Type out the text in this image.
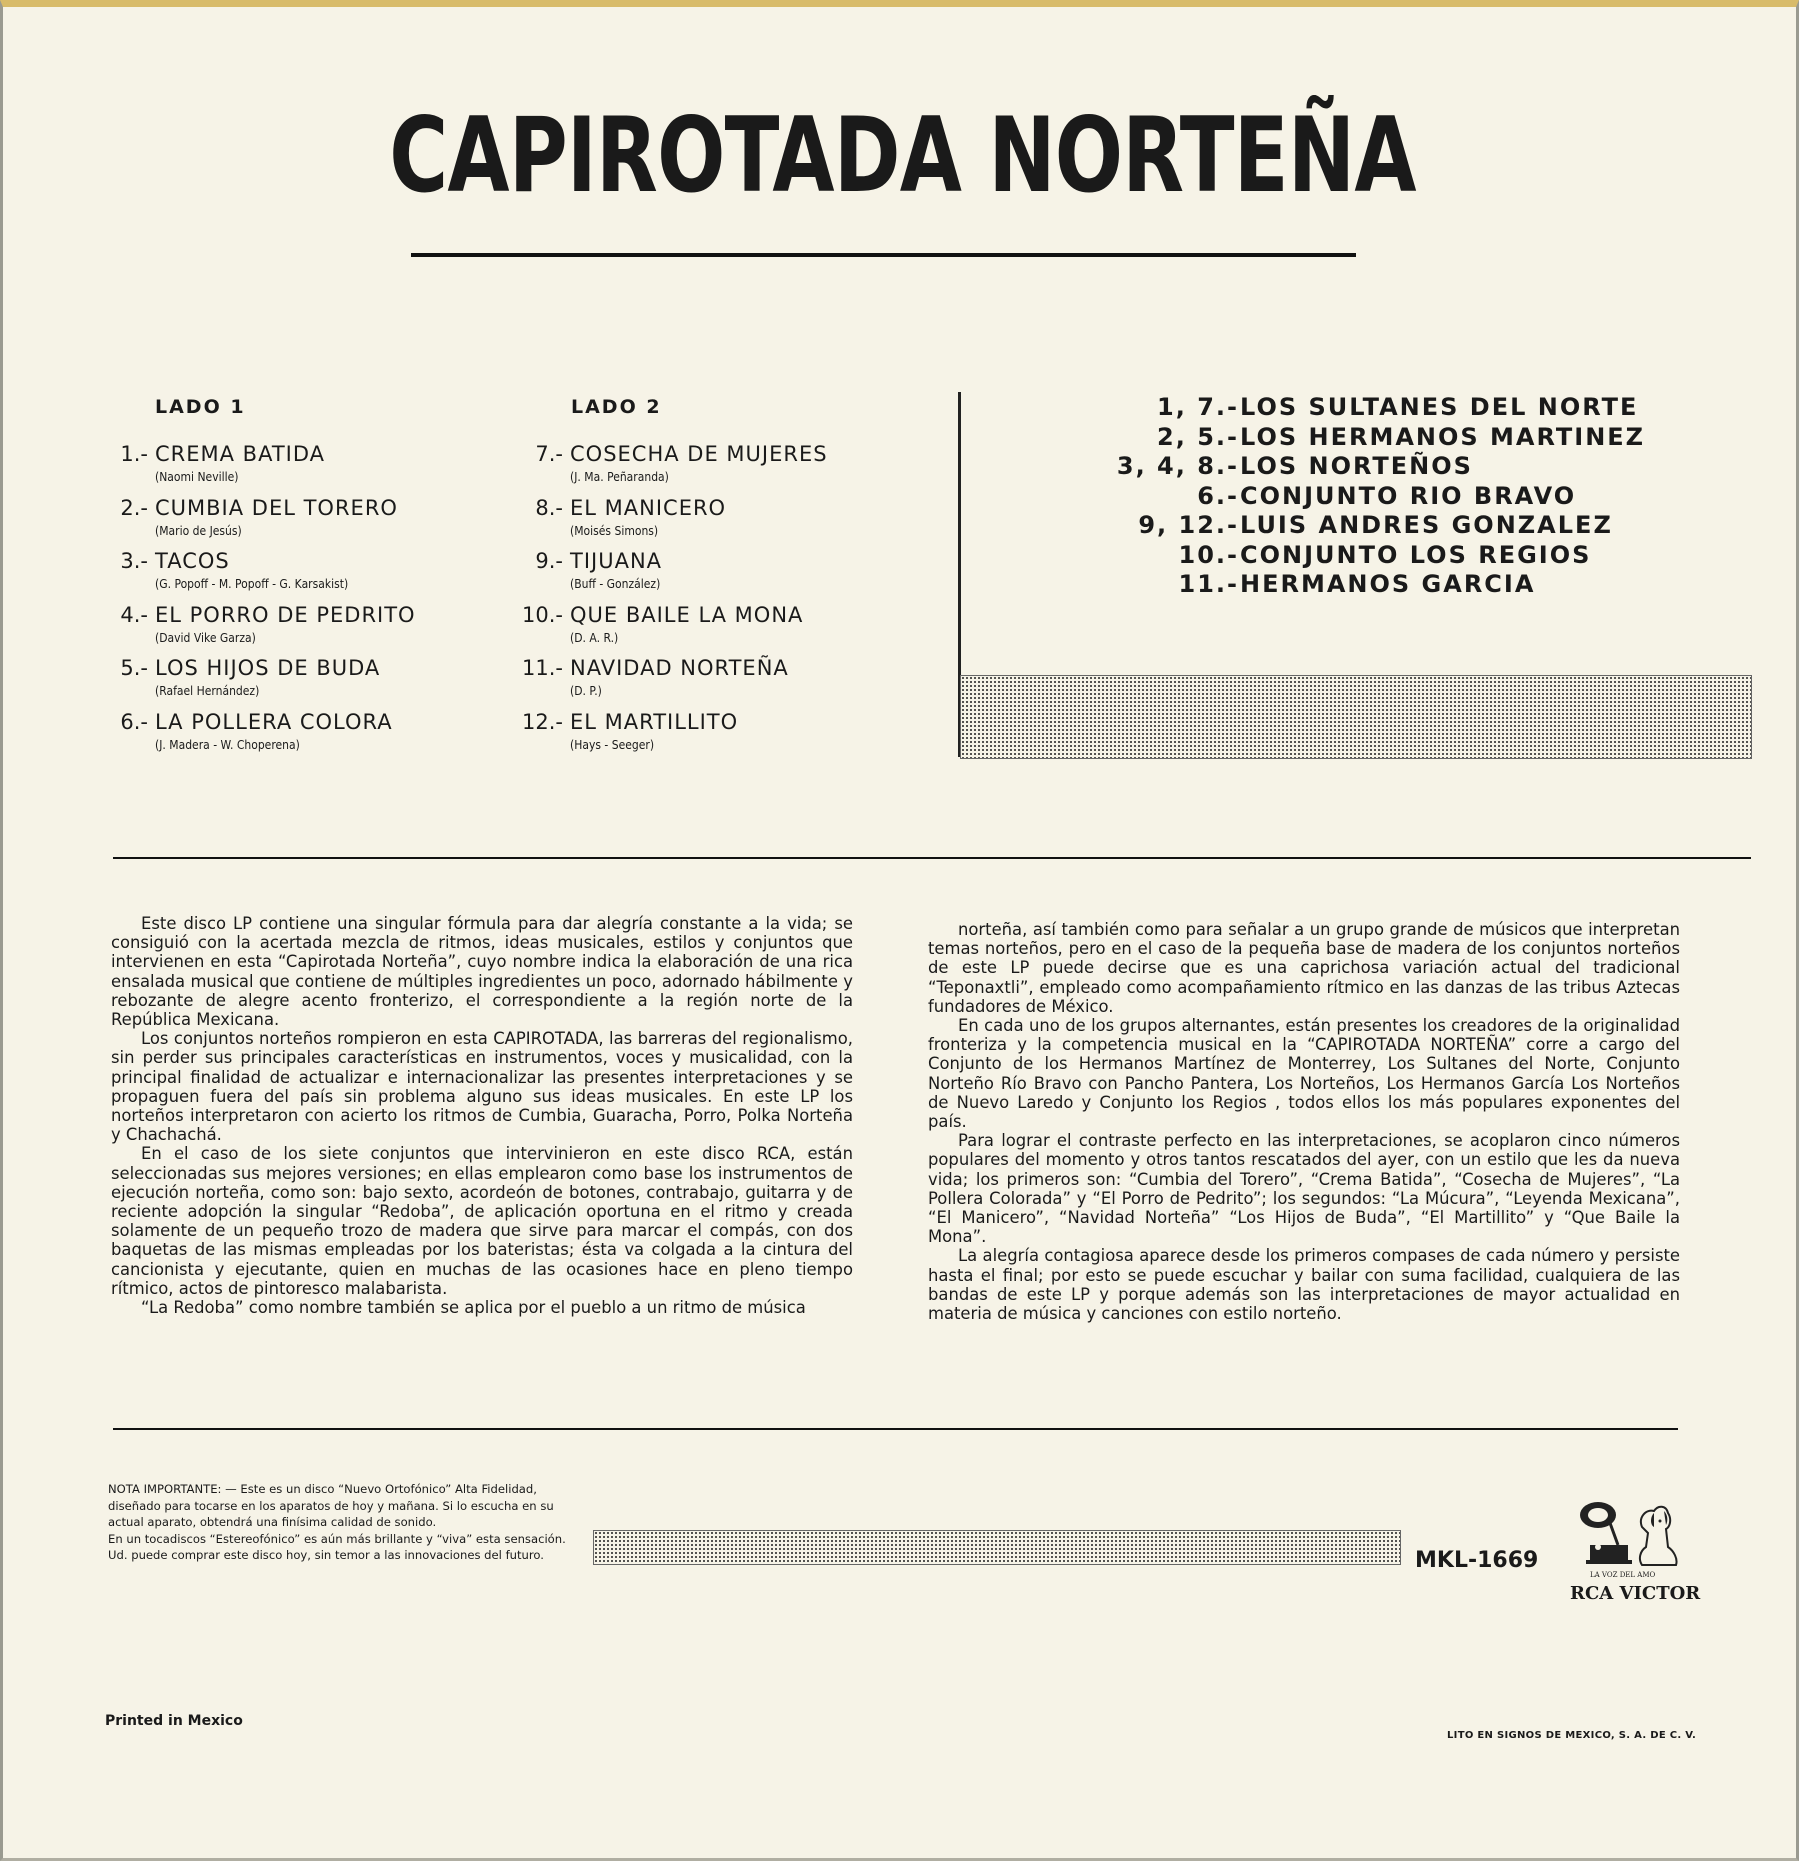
CAPIROTADA NORTEÑA
LADO 1
1.- CREMA BATIDA
(Naomi Neville)
2.- CUMBIA DEL TORERO
(Mario de Jesús)
3.- TACOS
(G. Popoff - M. Popoff - G. Karsakist)
4.- EL PORRO DE PEDRITO
(David Vike Garza)
5.- LOS HIJOS DE BUDA
(Rafael Hernández)
6.- LA POLLERA COLORA
(J. Madera - W. Choperena)
LADO 2
7.- COSECHA DE MUJERES
(J. Ma. Peñaranda)
8.- EL MANICERO
(Moisés Simons)
9.- TIJUANA
(Buff - González)
10.- QUE BAILE LA MONA
(D. A. R.)
11.- NAVIDAD NORTEÑA
(D. P.)
12.- EL MARTILLITO
(Hays - Seeger)
1, 7.- LOS SULTANES DEL NORTE
2, 5.- LOS HERMANOS MARTINEZ
3, 4, 8.- LOS NORTEÑOS
6.- CONJUNTO RIO BRAVO
9, 12.- LUIS ANDRES GONZALEZ
10.- CONJUNTO LOS REGIOS
11.- HERMANOS GARCIA

Este disco LP contiene una singular fórmula para dar alegría constante a la vida; se consiguió con la acertada mezcla de ritmos, ideas musicales, estilos y conjuntos que intervienen en esta “Capirotada Norteña”, cuyo nombre indica la elaboración de una rica ensalada musical que contiene de múltiples ingredientes un poco, adornado hábilmente y rebozante de alegre acento fronterizo, el correspondiente a la región norte de la República Mexicana.

Los conjuntos norteños rompieron en esta CAPIROTADA, las barreras del regionalismo, sin perder sus principales características en instrumentos, voces y musicalidad, con la principal finalidad de actualizar e internacionalizar las presentes interpretaciones y se propaguen fuera del país sin problema alguno sus ideas musicales. En este LP los norteños interpretaron con acierto los ritmos de Cumbia, Guaracha, Porro, Polka Norteña y Chachachá.

En el caso de los siete conjuntos que intervinieron en este disco RCA, están seleccionadas sus mejores versiones; en ellas emplearon como base los instrumentos de ejecución norteña, como son: bajo sexto, acordeón de botones, contrabajo, guitarra y de reciente adopción la singular “Redoba”, de aplicación oportuna en el ritmo y creada solamente de un pequeño trozo de madera que sirve para marcar el compás, con dos baquetas de las mismas empleadas por los bateristas; ésta va colgada a la cintura del cancionista y ejecutante, quien en muchas de las ocasiones hace en pleno tiempo rítmico, actos de pintoresco malabarista.

“La Redoba” como nombre también se aplica por el pueblo a un ritmo de música

norteña, así también como para señalar a un grupo grande de músicos que interpretan temas norteños, pero en el caso de la pequeña base de madera de los conjuntos norteños de este LP puede decirse que es una caprichosa variación actual del tradicional “Teponaxtli”, empleado como acompañamiento rítmico en las danzas de las tribus Aztecas fundadores de México.

En cada uno de los grupos alternantes, están presentes los creadores de la originalidad fronteriza y la competencia musical en la “CAPIROTADA NORTEÑA” corre a cargo del Conjunto de los Hermanos Martínez de Monterrey, Los Sultanes del Norte, Conjunto Norteño Río Bravo con Pancho Pantera, Los Norteños, Los Hermanos García Los Norteños de Nuevo Laredo y Conjunto los Regios , todos ellos los más populares exponentes del país.

Para lograr el contraste perfecto en las interpretaciones, se acoplaron cinco números populares del momento y otros tantos rescatados del ayer, con un estilo que les da nueva vida; los primeros son: “Cumbia del Torero”, “Crema Batida”, “Cosecha de Mujeres”, “La Pollera Colorada” y “El Porro de Pedrito”; los segundos: “La Múcura”, “Leyenda Mexicana”, “El Manicero”, “Navidad Norteña” “Los Hijos de Buda”, “El Martillito” y “Que Baile la Mona”.

La alegría contagiosa aparece desde los primeros compases de cada número y persiste hasta el final; por esto se puede escuchar y bailar con suma facilidad, cualquiera de las bandas de este LP y porque además son las interpretaciones de mayor actualidad en materia de música y canciones con estilo norteño.

NOTA IMPORTANTE: — Este es un disco “Nuevo Ortofónico” Alta Fidelidad, diseñado para tocarse en los aparatos de hoy y mañana. Si lo escucha en su actual aparato, obtendrá una finísima calidad de sonido.

En un tocadiscos “Estereofónico” es aún más brillante y “viva” esta sensación.

Ud. puede comprar este disco hoy, sin temor a las innovaciones del futuro.	MKL-1669
LA VOZ DEL AMO
RCA VICTOR
Printed in Mexico
LITO EN SIGNOS DE MEXICO, S. A. DE C. V.
